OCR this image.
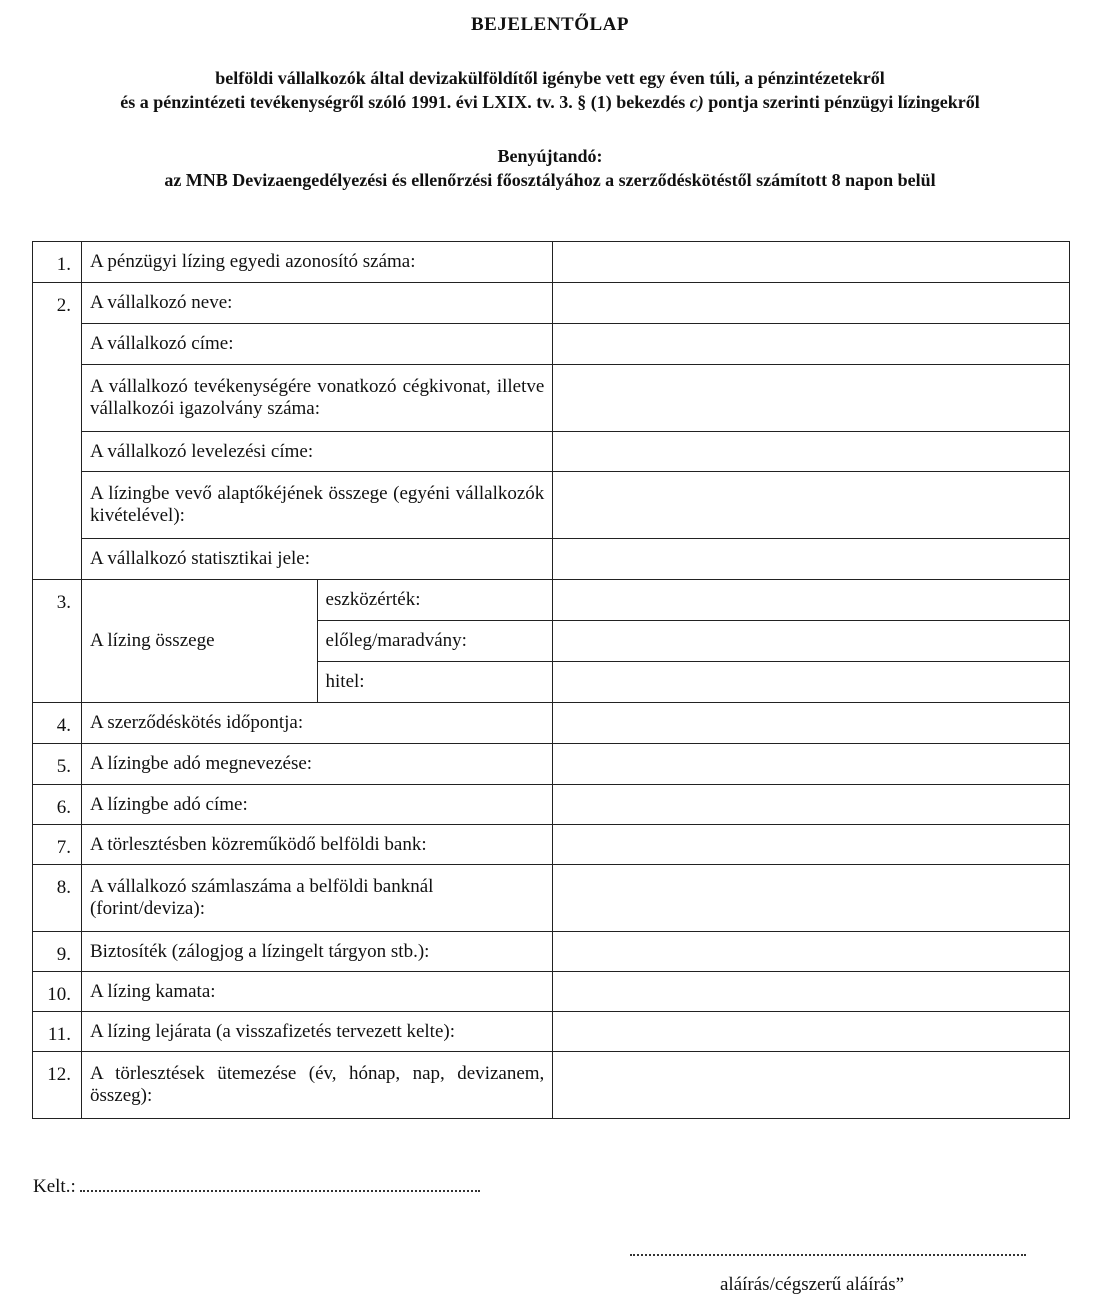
BEJELENTŐLAP
belföldi vállalkozók által devizakülföldítől igénybe vett egy éven túli, a pénzintézetekről
és a pénzintézeti tevékenységről szóló 1991. évi LXIX. tv. 3. § (1) bekezdés c) pontja szerinti pénzügyi lízingekről
Benyújtandó:
az MNB Devizaengedélyezési és ellenőrzési főosztályához a szerződéskötéstől számított 8 napon belül
1.	A pénzügyi lízing egyedi azonosító száma:		
2.	A vállalkozó neve:		
	A vállalkozó címe:		
	A vállalkozó tevékenységére vonatkozó cégkivonat, illetve vállalkozói igazolvány száma:		
	A vállalkozó levelezési címe:		
	A lízingbe vevő alaptőkéjének összege (egyéni vállalkozók kivételével):		
	A vállalkozó statisztikai jele:		
3.	A lízing összege	eszközérték:	
		előleg/maradvány:	
		hitel:	
4.	A szerződéskötés időpontja:		
5.	A lízingbe adó megnevezése:		
6.	A lízingbe adó címe:		
7.	A törlesztésben közreműködő belföldi bank:		
8.	A vállalkozó számlaszáma a belföldi banknál (forint/deviza):		
9.	Biztosíték (zálogjog a lízingelt tárgyon stb.):		
10.	A lízing kamata:		
11.	A lízing lejárata (a visszafizetés tervezett kelte):		
12.	A törlesztések ütemezése (év, hónap, nap, devizanem, összeg):		
Kelt.:
aláírás/cégszerű aláírás”
